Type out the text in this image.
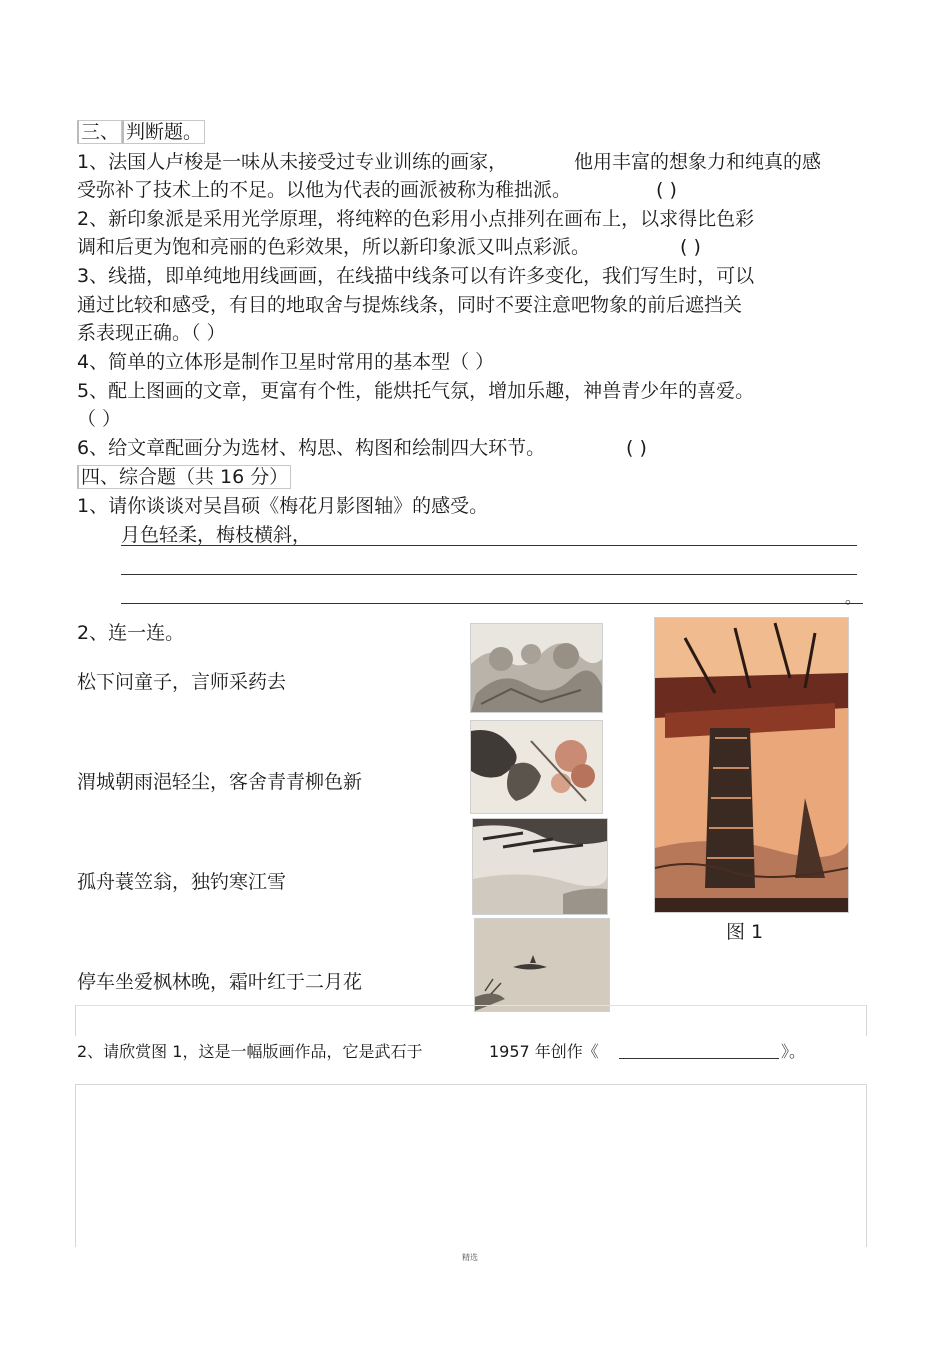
三、 判断题。
1、法国人卢梭是一味从未接受过专业训练的画家，	他用丰富的想象力和纯真的感
受弥补了技术上的不足。以他为代表的画派被称为稚拙派。	( )
2、新印象派是采用光学原理，将纯粹的色彩用小点排列在画布上，以求得比色彩
调和后更为饱和亮丽的色彩效果，所以新印象派又叫点彩派。	( )
3、线描，即单纯地用线画画，在线描中线条可以有许多变化，我们写生时，可以
通过比较和感受，有目的地取舍与提炼线条，同时不要注意吧物象的前后遮挡关
系表现正确。（ ）
4、简单的立体形是制作卫星时常用的基本型（ ）
5、配上图画的文章，更富有个性，能烘托气氛，增加乐趣，神兽青少年的喜爱。
（ ）
6、给文章配画分为选材、构思、构图和绘制四大环节。	( )
四、综合题（共 16 分）
1、请你谈谈对吴昌硕《梅花月影图轴》的感受。
月色轻柔，梅枝横斜，
。
2、连一连。
松下问童子，言师采药去
渭城朝雨浥轻尘，客舍青青柳色新
孤舟蓑笠翁，独钓寒江雪
停车坐爱枫林晚，霜叶红于二月花
图 1
2、请欣赏图 1，这是一幅版画作品，它是武石于	1957 年创作《	》。
精选
